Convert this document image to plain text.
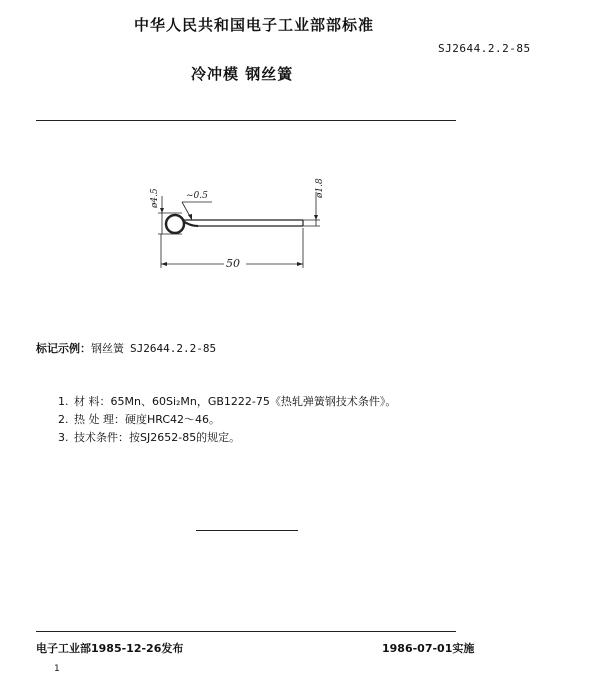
中华人民共和国电子工业部部标准
SJ2644.2.2-85
冷冲模 钢丝簧
ø4.5	~0.5	ø1.8
50
标记示例：钢丝簧 SJ2644.2.2-85
1. 材 料：65Mn、60Si₂Mn，GB1222-75《热轧弹簧钢技术条件》。
2. 热 处 理：硬度HRC42～46。
3. 技术条件：按SJ2652-85的规定。
电子工业部1985-12-26发布	1986-07-01实施
1
